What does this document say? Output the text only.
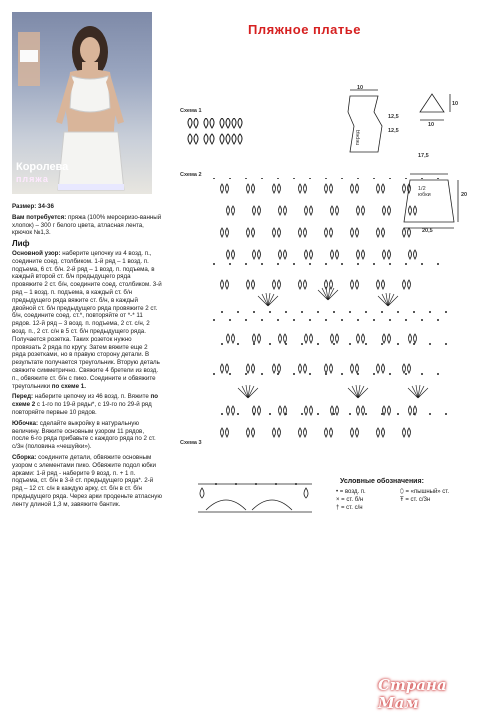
Королева
пляжа
Пляжное платье

Размер: 34-36

Вам потребуется: пряжа (100% мерсеризо-ванный хлопок) – 300 г белого цвета, атласная лента, крючок №1,3.

Лиф

Основной узор: наберите цепочку из 4 возд. п., соедините соед. столбиком. 1-й ряд – 1 возд. п. подъема, 6 ст. б/н. 2-й ряд – 1 возд. п. подъема, в каждый второй ст. б/н предыдущего ряда провяжите 2 ст. б/н, соедините соед. столбиком. 3-й ряд – 1 возд. п. подъема, в каждый ст. б/н предыдущего ряда вяжите ст. б/н, в каждый двойной ст. б/н предыдущего ряда провяжите 2 ст. б/н, соедините соед. ст.*, повторяйте от *-* 11 рядов. 12-й ряд – 3 возд. п. подъема, 2 ст. с/н, 2 возд. п., 2 ст. с/н в 5 ст. б/н предыдущего ряда. Получается розетка. Таких розеток нужно провязать 2 ряда по кругу. Затем вяжите еще 2 ряда розетками, но в правую сторону детали. В результате получается треугольник. Вторую деталь свяжите симметрично. Свяжите 4 бретели из возд. п., обвяжите ст. б/н с пико. Соедините и обвяжите треугольники по схеме 1.

Перед: наберите цепочку из 46 возд. п. Вяжите по схеме 2 с 1-го по 19-й ряды*, с 19-го по 29-й ряд повторяйте первые 10 рядов.

Юбочка: сделайте выкройку в натуральную величину. Вяжите основным узором 11 рядов, после 6-го ряда прибавьте с каждого ряда по 2 ст. с/3н (половина «чешуйки»).

Сборка: соедините детали, обвяжите основным узором с элементами пико. Обвяжите подол юбки арками: 1-й ряд - наберите 9 возд. п. + 1 п. подъема, ст. б/н в 3-й ст. предыдущего ряда*. 2-й ряд – 12 ст. с/н в каждую арку, ст. б/н в ст. б/н предыдущего ряда. Через арки проденьте атласную ленту длиной 1,3 м, завяжите бантик.

Схема 1
Схема 2
Схема 3
10
12,5
12,5
перед
10
10
17,5
20
20,5
1/2 юбки
Условные обозначения:
• = возд. п.
× = ст. б/н
† = ст. с/н
⬯ = «пышный» ст.
Ŧ = ст. с/3н
Страна Мам
